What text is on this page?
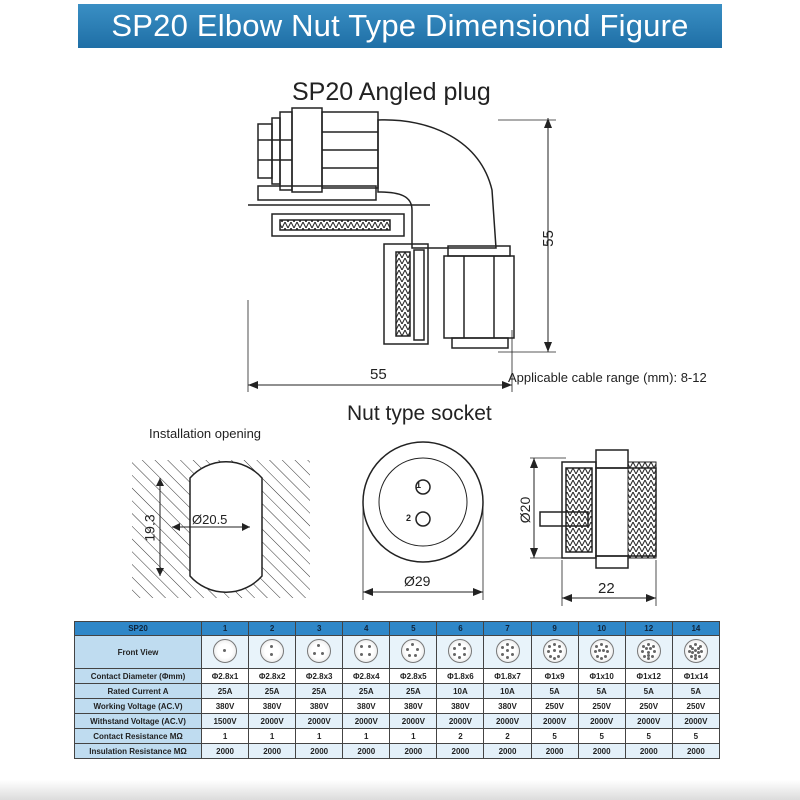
SP20 Elbow Nut Type Dimensiond Figure
SP20 Angled plug
Nut type socket
Installation opening
Applicable cable range (mm): 8-12
55
55
Ø20.5
19.3
1
2
Ø29
Ø20
22
SP20	1	2	3	4	5	6	7	9	10	12	14
Front View	

Contact Diameter (Φmm)	Φ2.8x1	Φ2.8x2	Φ2.8x3	Φ2.8x4	Φ2.8x5	Φ1.8x6	Φ1.8x7	Φ1x9	Φ1x10	Φ1x12	Φ1x14
Rated Current A	25A	25A	25A	25A	25A	10A	10A	5A	5A	5A	5A
Working Voltage (AC.V)	380V	380V	380V	380V	380V	380V	380V	250V	250V	250V	250V
Withstand Voltage (AC.V)	1500V	2000V	2000V	2000V	2000V	2000V	2000V	2000V	2000V	2000V	2000V
Contact Resistance MΩ	1	1	1	1	1	2	2	5	5	5	5
Insulation Resistance MΩ	2000	2000	2000	2000	2000	2000	2000	2000	2000	2000	2000
